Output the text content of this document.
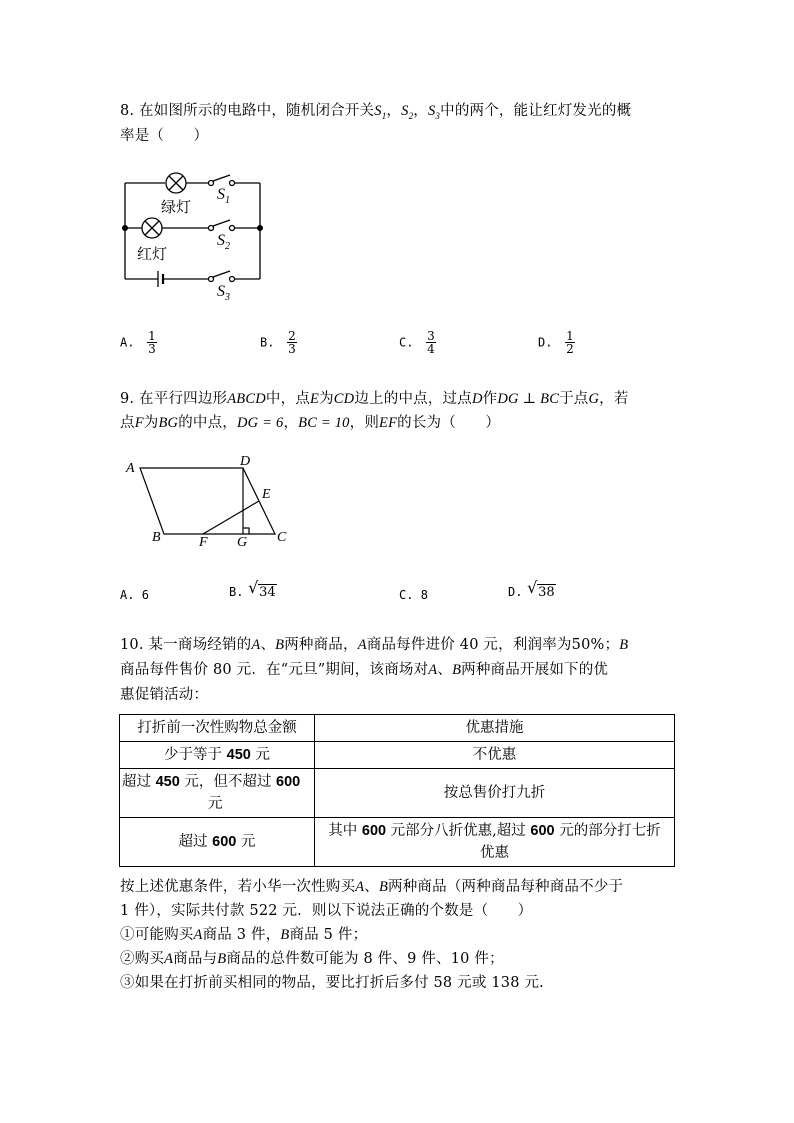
8. 在如图所示的电路中，随机闭合开关$S_1$，$S_2$，$S_3$中的两个，能让红灯发光的概
率是（　　）
绿灯
红灯
$S_1$
$S_2$
$S_3$
A. $\frac{1}{3}$	B. $\frac{2}{3}$	C. $\frac{3}{4}$	D. $\frac{1}{2}$
9. 在平行四边形ABCD中，点E为CD边上的中点，过点D作DG ⊥ BC于点G，若
点F为BG的中点，DG = 6，BC = 10，则EF的长为（　　）
A	D
E
B	F G C
A. 6	B. √ 34	C. 8	D. √ 38
10. 某一商场经销的A、B两种商品，A商品每件进价 40 元，利润率为50%；B
商品每件售价 80 元．在“元旦”期间，该商场对A、B两种商品开展如下的优
惠促销活动：
打折前一次性购物总金额	优惠措施
少于等于 450 元	不优惠
超过 450 元，但不超过 600
元	按总售价打九折
超过 600 元	其中 600 元部分八折优惠,超过 600 元的部分打七折
优惠
按上述优惠条件，若小华一次性购买A、B两种商品（两种商品每种商品不少于
1 件），实际共付款 522 元．则以下说法正确的个数是（　　）
①可能购买A商品 3 件，B商品 5 件；
②购买A商品与B商品的总件数可能为 8 件、9 件、10 件；
③如果在打折前买相同的物品，要比打折后多付 58 元或 138 元.
